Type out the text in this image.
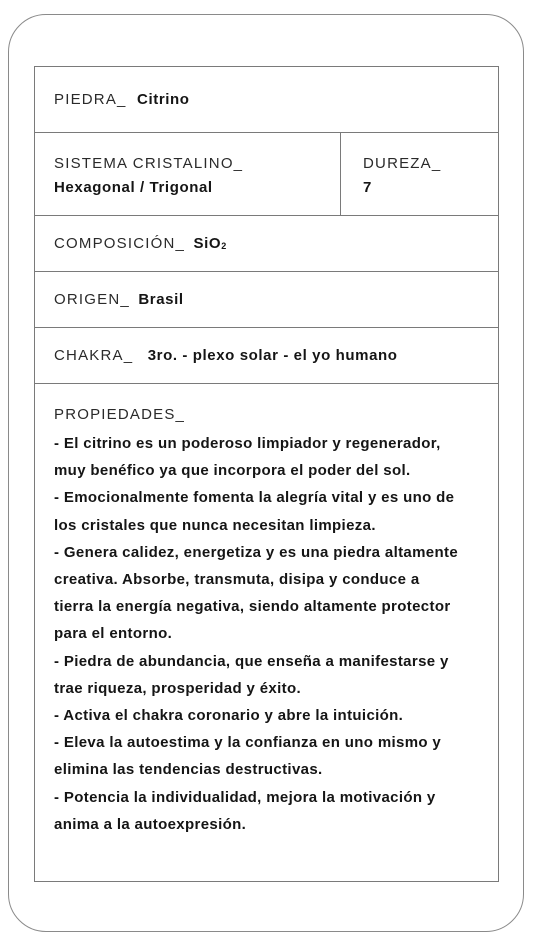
PIEDRA_ Citrino
SISTEMA CRISTALINO_
Hexagonal / Trigonal
DUREZA_
7
COMPOSICIÓN_ SiO2
ORIGEN_ Brasil
CHAKRA_ 3ro. - plexo solar - el yo humano
PROPIEDADES_
- El citrino es un poderoso limpiador y regenerador,
muy benéfico ya que incorpora el poder del sol.
- Emocionalmente fomenta la alegría vital y es uno de
los cristales que nunca necesitan limpieza.
- Genera calidez, energetiza y es una piedra altamente
creativa. Absorbe, transmuta, disipa y conduce a
tierra la energía negativa, siendo altamente protector
para el entorno.
- Piedra de abundancia, que enseña a manifestarse y
trae riqueza, prosperidad y éxito.
- Activa el chakra coronario y abre la intuición.
- Eleva la autoestima y la confianza en uno mismo y
elimina las tendencias destructivas.
- Potencia la individualidad, mejora la motivación y
anima a la autoexpresión.
